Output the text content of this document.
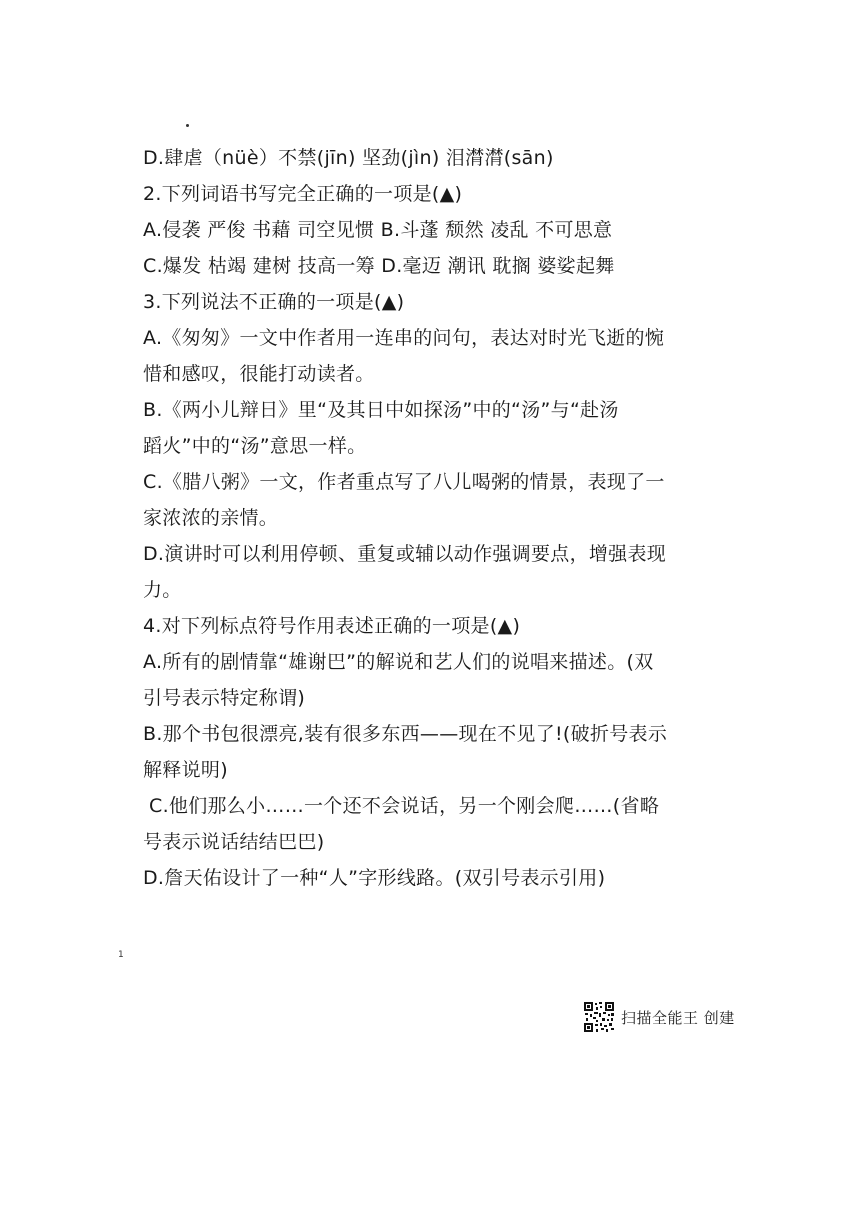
D.肆虐（nüè）不禁(jīn) 坚劲(jìn) 泪潸潸(sān)
2.下列词语书写完全正确的一项是(▲)
A.侵袭 严俊 书藉 司空见惯 B.斗蓬 颓然 凌乱 不可思意
C.爆发 枯竭 建树 技高一筹 D.毫迈 潮讯 耽搁 婆娑起舞
3.下列说法不正确的一项是(▲)
A.《匆匆》一文中作者用一连串的问句，表达对时光飞逝的惋
惜和感叹，很能打动读者。
B.《两小儿辩日》里“及其日中如探汤”中的“汤”与“赴汤
蹈火”中的“汤”意思一样。
C.《腊八粥》一文，作者重点写了八儿喝粥的情景，表现了一
家浓浓的亲情。
D.演讲时可以利用停顿、重复或辅以动作强调要点，增强表现
力。
4.对下列标点符号作用表述正确的一项是(▲)
A.所有的剧情靠“雄谢巴”的解说和艺人们的说唱来描述。(双
引号表示特定称谓)
B.那个书包很漂亮,装有很多东西——现在不见了!(破折号表示
解释说明)
C.他们那么小……一个还不会说话，另一个刚会爬……(省略
号表示说话结结巴巴)
D.詹天佑设计了一种“人”字形线路。(双引号表示引用)
1
扫描全能王 创建
